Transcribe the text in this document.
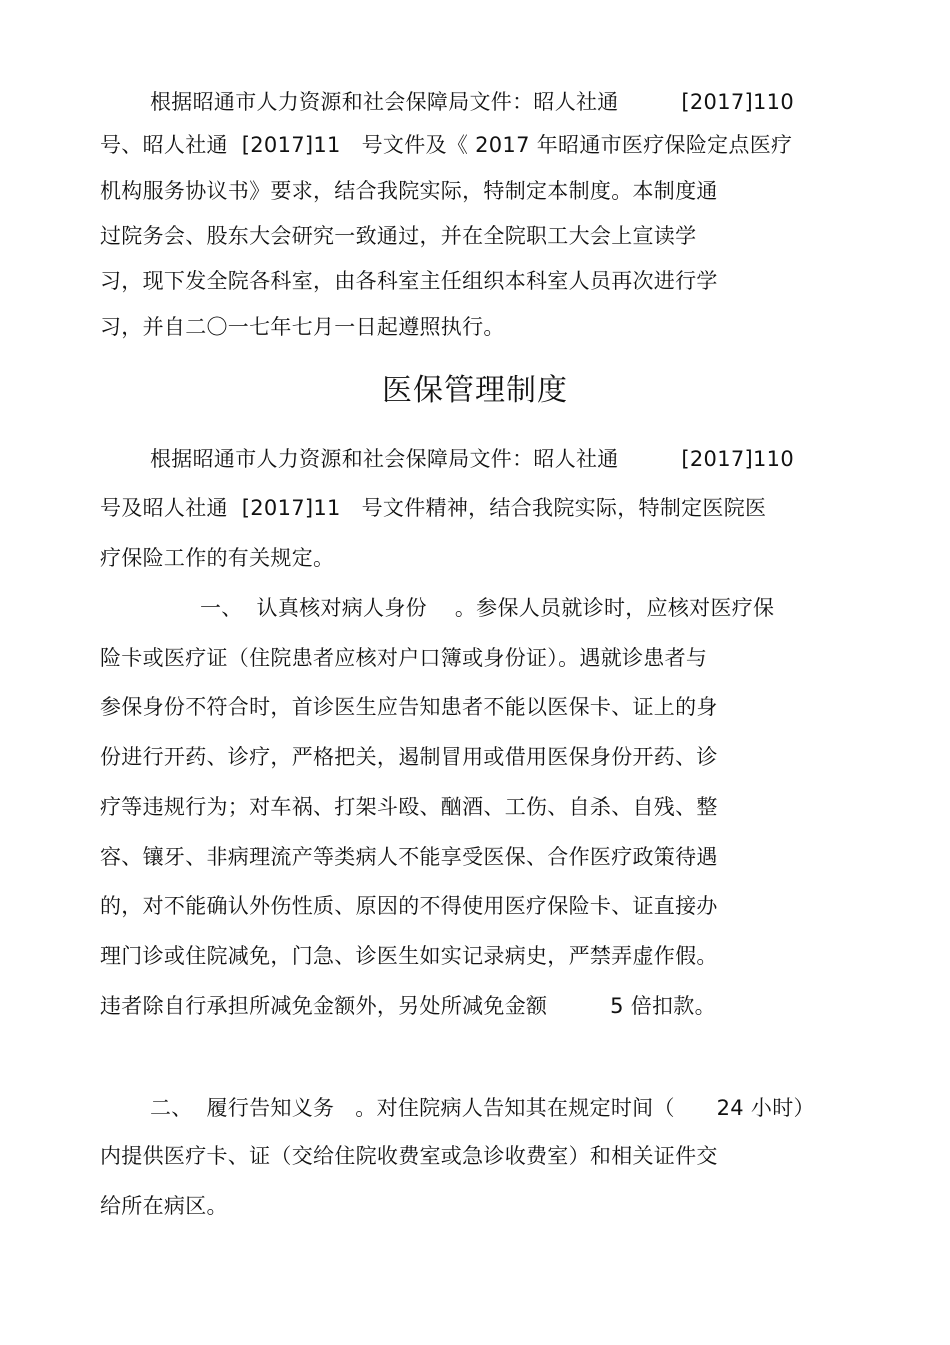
根据昭通市人力资源和社会保障局文件：昭人社通         [2017]110
号、昭人社通  [2017]11   号文件及《 2017 年昭通市医疗保险定点医疗
机构服务协议书》要求，结合我院实际，特制定本制度。本制度通
过院务会、股东大会研究一致通过，并在全院职工大会上宣读学
习，现下发全院各科室，由各科室主任组织本科室人员再次进行学
习，并自二〇一七年七月一日起遵照执行。
医保管理制度
根据昭通市人力资源和社会保障局文件：昭人社通         [2017]110
号及昭人社通  [2017]11   号文件精神，结合我院实际，特制定医院医
疗保险工作的有关规定。
一、  认真核对病人身份    。参保人员就诊时，应核对医疗保
险卡或医疗证（住院患者应核对户口簿或身份证）。遇就诊患者与
参保身份不符合时，首诊医生应告知患者不能以医保卡、证上的身
份进行开药、诊疗，严格把关，遏制冒用或借用医保身份开药、诊
疗等违规行为；对车祸、打架斗殴、酗酒、工伤、自杀、自残、整
容、镶牙、非病理流产等类病人不能享受医保、合作医疗政策待遇
的，对不能确认外伤性质、原因的不得使用医疗保险卡、证直接办
理门诊或住院减免，门急、诊医生如实记录病史，严禁弄虚作假。
违者除自行承担所减免金额外，另处所减免金额         5 倍扣款。
二、  履行告知义务   。对住院病人告知其在规定时间（      24 小时）
内提供医疗卡、证（交给住院收费室或急诊收费室）和相关证件交
给所在病区。
